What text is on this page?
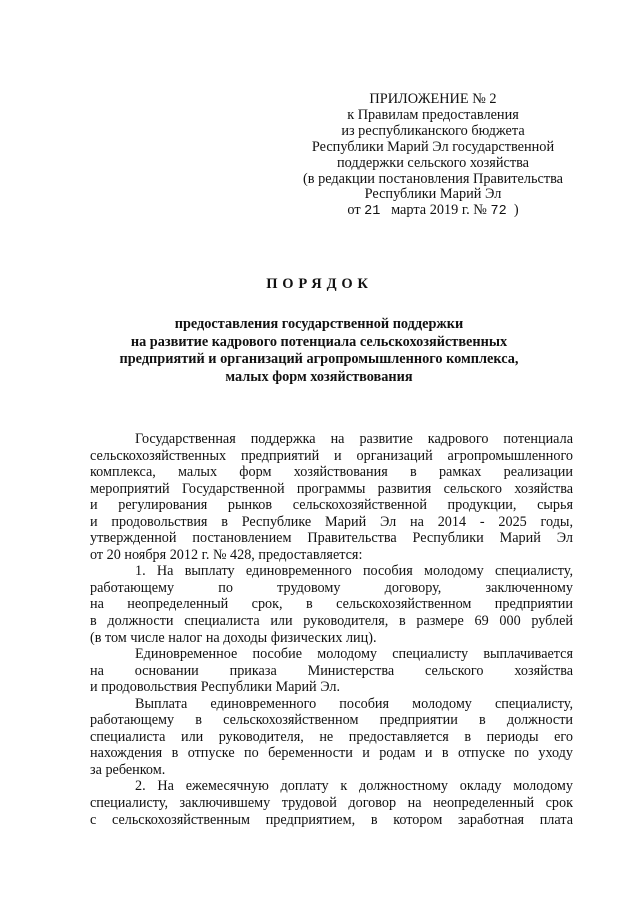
ПРИЛОЖЕНИЕ № 2
к Правилам предоставления
из республиканского бюджета
Республики Марий Эл государственной
поддержки сельского хозяйства
(в редакции постановления Правительства
Республики Марий Эл
от 21 марта 2019 г. № 72 )
ПОРЯДОК
предоставления государственной поддержки
на развитие кадрового потенциала сельскохозяйственных
предприятий и организаций агропромышленного комплекса,
малых форм хозяйствования
Государственная поддержка на развитие кадрового потенциала
сельскохозяйственных предприятий и организаций агропромышленного
комплекса, малых форм хозяйствования в рамках реализации
мероприятий Государственной программы развития сельского хозяйства
и регулирования рынков сельскохозяйственной продукции, сырья
и продовольствия в Республике Марий Эл на 2014 - 2025 годы,
утвержденной постановлением Правительства Республики Марий Эл
от 20 ноября 2012 г. № 428, предоставляется:
1. На выплату единовременного пособия молодому специалисту,
работающему по трудовому договору, заключенному
на неопределенный срок, в сельскохозяйственном предприятии
в должности специалиста или руководителя, в размере 69 000 рублей
(в том числе налог на доходы физических лиц).
Единовременное пособие молодому специалисту выплачивается
на основании приказа Министерства сельского хозяйства
и продовольствия Республики Марий Эл.
Выплата единовременного пособия молодому специалисту,
работающему в сельскохозяйственном предприятии в должности
специалиста или руководителя, не предоставляется в периоды его
нахождения в отпуске по беременности и родам и в отпуске по уходу
за ребенком.
2. На ежемесячную доплату к должностному окладу молодому
специалисту, заключившему трудовой договор на неопределенный срок
с сельскохозяйственным предприятием, в котором заработная плата
